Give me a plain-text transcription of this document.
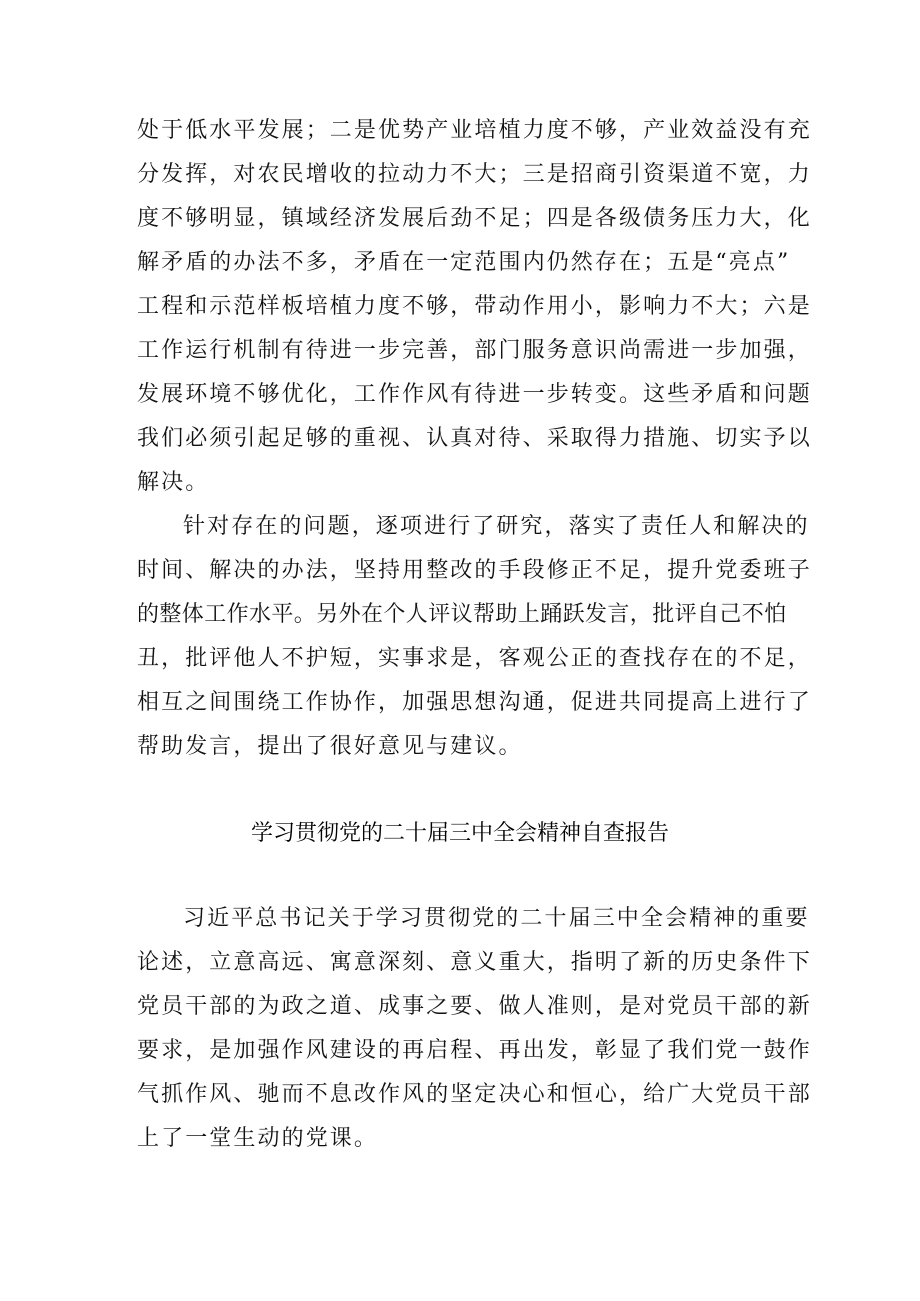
处于低水平发展；二是优势产业培植力度不够，产业效益没有充
分发挥，对农民增收的拉动力不大；三是招商引资渠道不宽，力
度不够明显，镇域经济发展后劲不足；四是各级债务压力大，化
解矛盾的办法不多，矛盾在一定范围内仍然存在；五是“亮点”
工程和示范样板培植力度不够，带动作用小，影响力不大；六是
工作运行机制有待进一步完善，部门服务意识尚需进一步加强，
发展环境不够优化，工作作风有待进一步转变。这些矛盾和问题
我们必须引起足够的重视、认真对待、采取得力措施、切实予以
解决。
针对存在的问题，逐项进行了研究，落实了责任人和解决的
时间、解决的办法，坚持用整改的手段修正不足，提升党委班子
的整体工作水平。另外在个人评议帮助上踊跃发言，批评自己不怕
丑，批评他人不护短，实事求是，客观公正的查找存在的不足，
相互之间围绕工作协作，加强思想沟通，促进共同提高上进行了
帮助发言，提出了很好意见与建议。
学习贯彻党的二十届三中全会精神自查报告
习近平总书记关于学习贯彻党的二十届三中全会精神的重要
论述，立意高远、寓意深刻、意义重大，指明了新的历史条件下
党员干部的为政之道、成事之要、做人准则，是对党员干部的新
要求，是加强作风建设的再启程、再出发，彰显了我们党一鼓作
气抓作风、驰而不息改作风的坚定决心和恒心，给广大党员干部
上了一堂生动的党课。
